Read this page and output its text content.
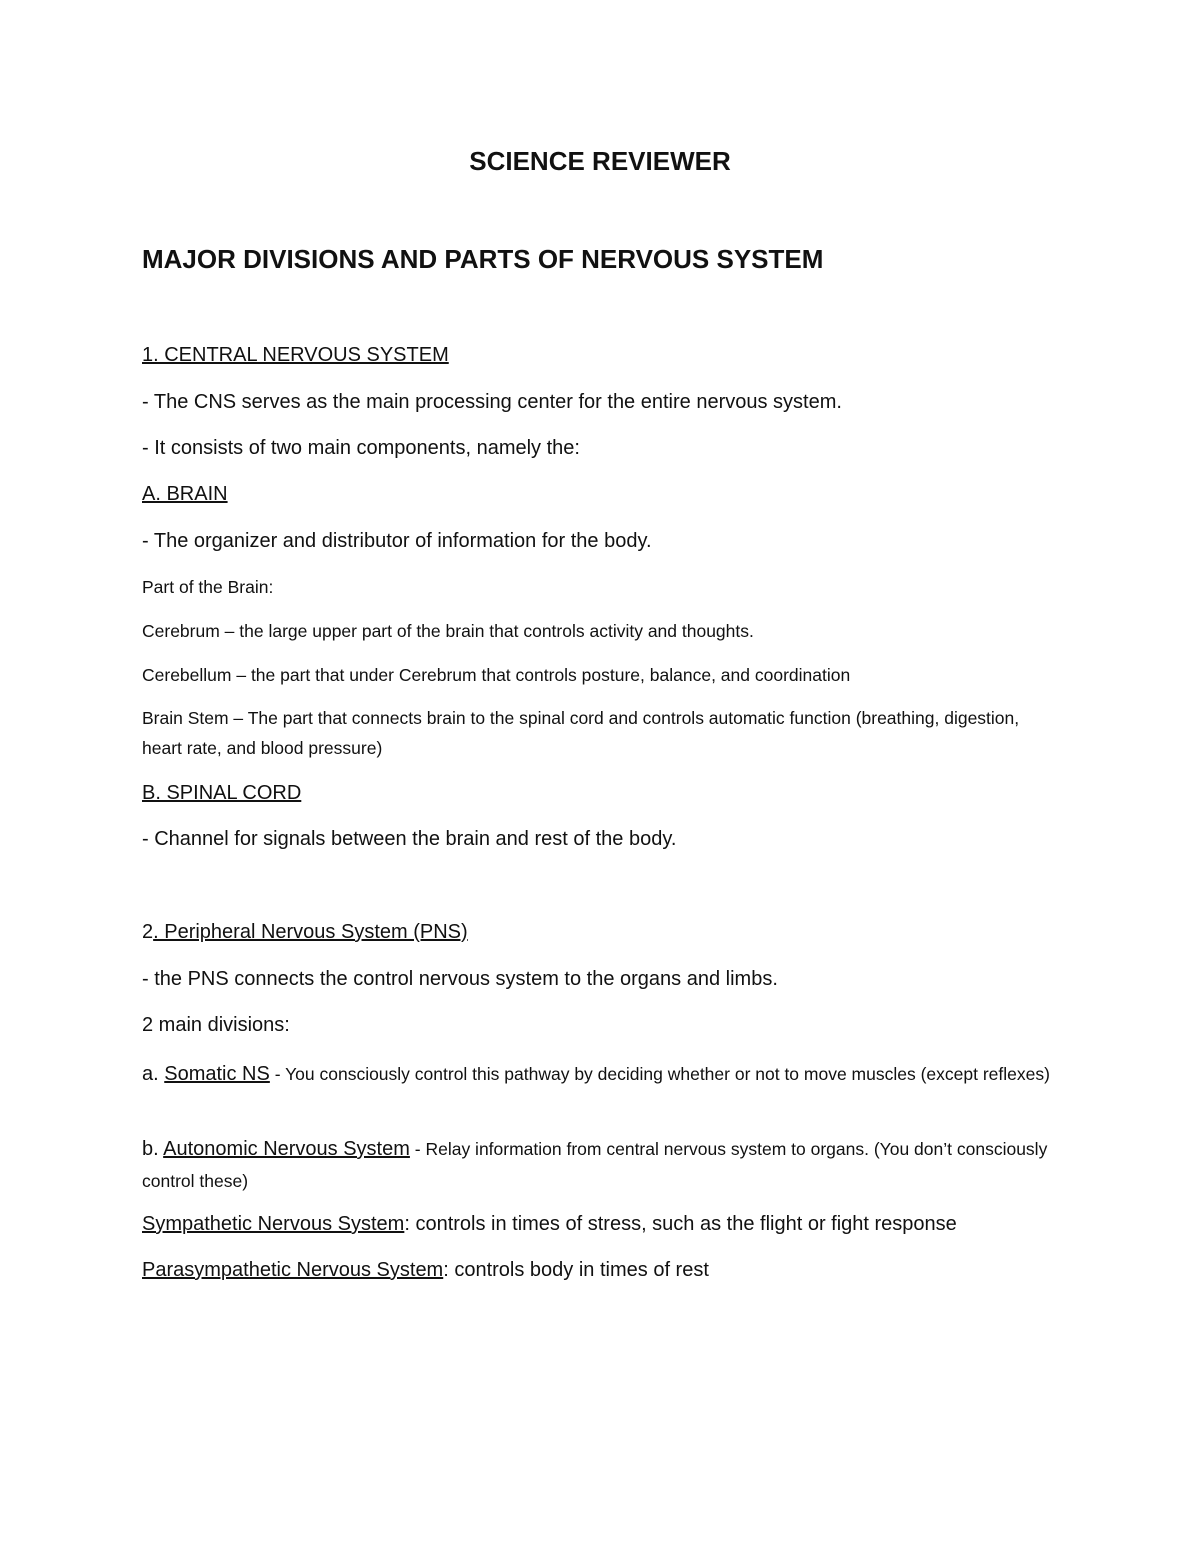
SCIENCE REVIEWER
MAJOR DIVISIONS AND PARTS OF NERVOUS SYSTEM
1. CENTRAL NERVOUS SYSTEM
- The CNS serves as the main processing center for the entire nervous system.
- It consists of two main components, namely the:
A. BRAIN
- The organizer and distributor of information for the body.
Part of the Brain:
Cerebrum – the large upper part of the brain that controls activity and thoughts.
Cerebellum – the part that under Cerebrum that controls posture, balance, and coordination
Brain Stem – The part that connects brain to the spinal cord and controls automatic function (breathing, digestion, heart rate, and blood pressure)
B. SPINAL CORD
- Channel for signals between the brain and rest of the body.
2. Peripheral Nervous System (PNS)
- the PNS connects the control nervous system to the organs and limbs.
2 main divisions:
a. Somatic NS - You consciously control this pathway by deciding whether or not to move muscles (except reflexes)
b. Autonomic Nervous System - Relay information from central nervous system to organs. (You don’t consciously control these)
Sympathetic Nervous System: controls in times of stress, such as the flight or fight response
Parasympathetic Nervous System: controls body in times of rest
